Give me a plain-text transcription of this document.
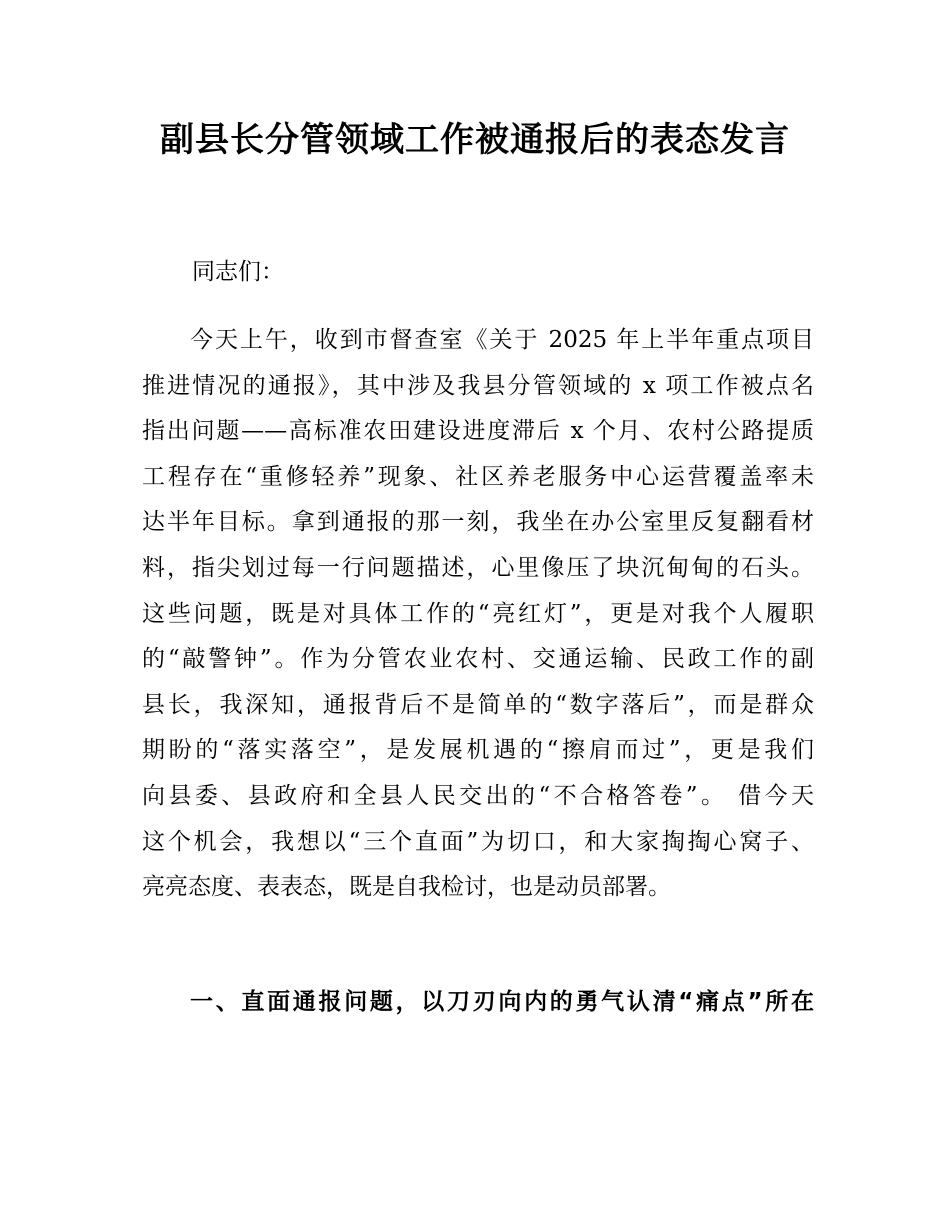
副县长分管领域工作被通报后的表态发言

同志们：

今天上午，收到市督查室《关于 2025 年上半年重点项目
推进情况的通报》，其中涉及我县分管领域的 x 项工作被点名
指出问题——高标准农田建设进度滞后 x 个月、农村公路提质
工程存在“重修轻养”现象、社区养老服务中心运营覆盖率未
达半年目标。拿到通报的那一刻，我坐在办公室里反复翻看材
料，指尖划过每一行问题描述，心里像压了块沉甸甸的石头。
这些问题，既是对具体工作的“亮红灯”，更是对我个人履职
的“敲警钟”。作为分管农业农村、交通运输、民政工作的副
县长，我深知，通报背后不是简单的“数字落后”，而是群众
期盼的“落实落空”，是发展机遇的“擦肩而过”，更是我们
向县委、县政府和全县人民交出的“不合格答卷”。 借今天
这个机会，我想以“三个直面”为切口，和大家掏掏心窝子、
亮亮态度、表表态，既是自我检讨，也是动员部署。
一、直面通报问题，以刀刃向内的勇气认清“痛点”所在
